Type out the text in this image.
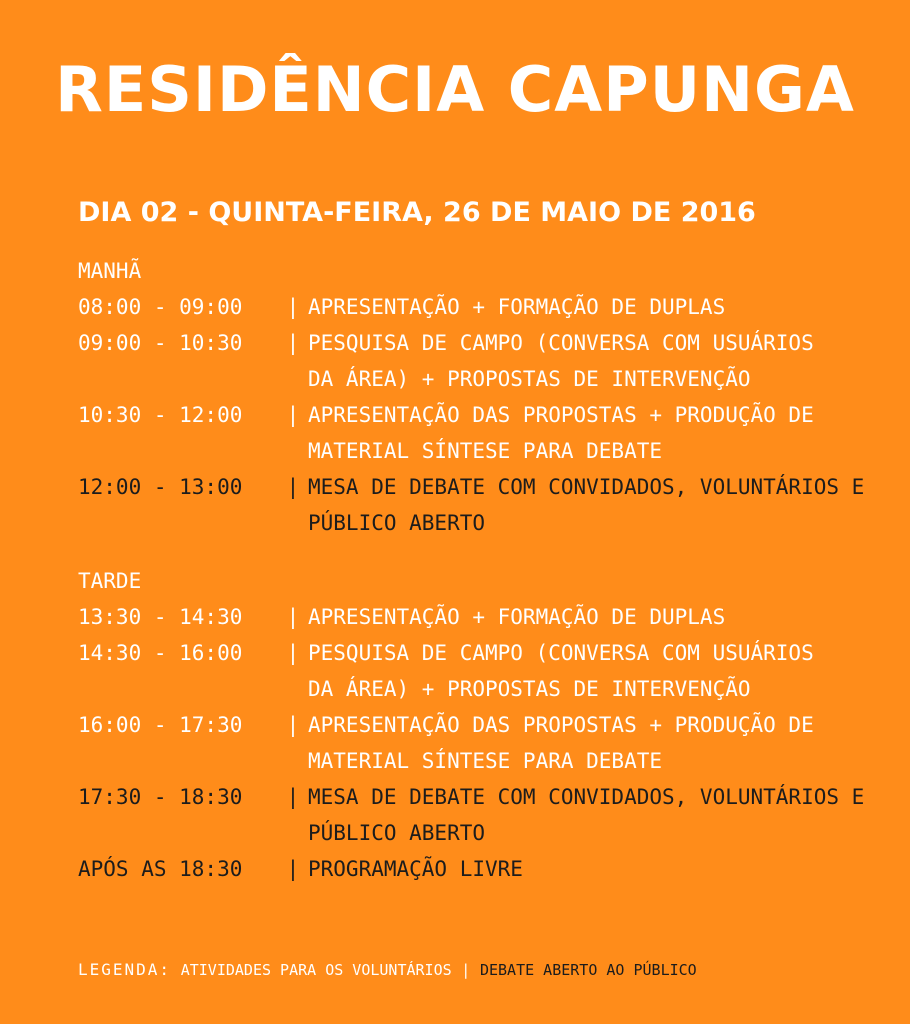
RESIDÊNCIA CAPUNGA
DIA 02 - QUINTA-FEIRA, 26 DE MAIO DE 2016
MANHÃ
08:00 - 09:00	| APRESENTAÇÃO + FORMAÇÃO DE DUPLAS
09:00 - 10:30	| PESQUISA DE CAMPO (CONVERSA COM USUÁRIOS
DA ÁREA) + PROPOSTAS DE INTERVENÇÃO
10:30 - 12:00	| APRESENTAÇÃO DAS PROPOSTAS + PRODUÇÃO DE
MATERIAL SÍNTESE PARA DEBATE
12:00 - 13:00	| MESA DE DEBATE COM CONVIDADOS, VOLUNTÁRIOS E
PÚBLICO ABERTO
TARDE
13:30 - 14:30	| APRESENTAÇÃO + FORMAÇÃO DE DUPLAS
14:30 - 16:00	| PESQUISA DE CAMPO (CONVERSA COM USUÁRIOS
DA ÁREA) + PROPOSTAS DE INTERVENÇÃO
16:00 - 17:30	| APRESENTAÇÃO DAS PROPOSTAS + PRODUÇÃO DE
MATERIAL SÍNTESE PARA DEBATE
17:30 - 18:30	| MESA DE DEBATE COM CONVIDADOS, VOLUNTÁRIOS E
PÚBLICO ABERTO
APÓS AS 18:30	| PROGRAMAÇÃO LIVRE
LEGENDA: ATIVIDADES PARA OS VOLUNTÁRIOS | DEBATE ABERTO AO PÚBLICO
